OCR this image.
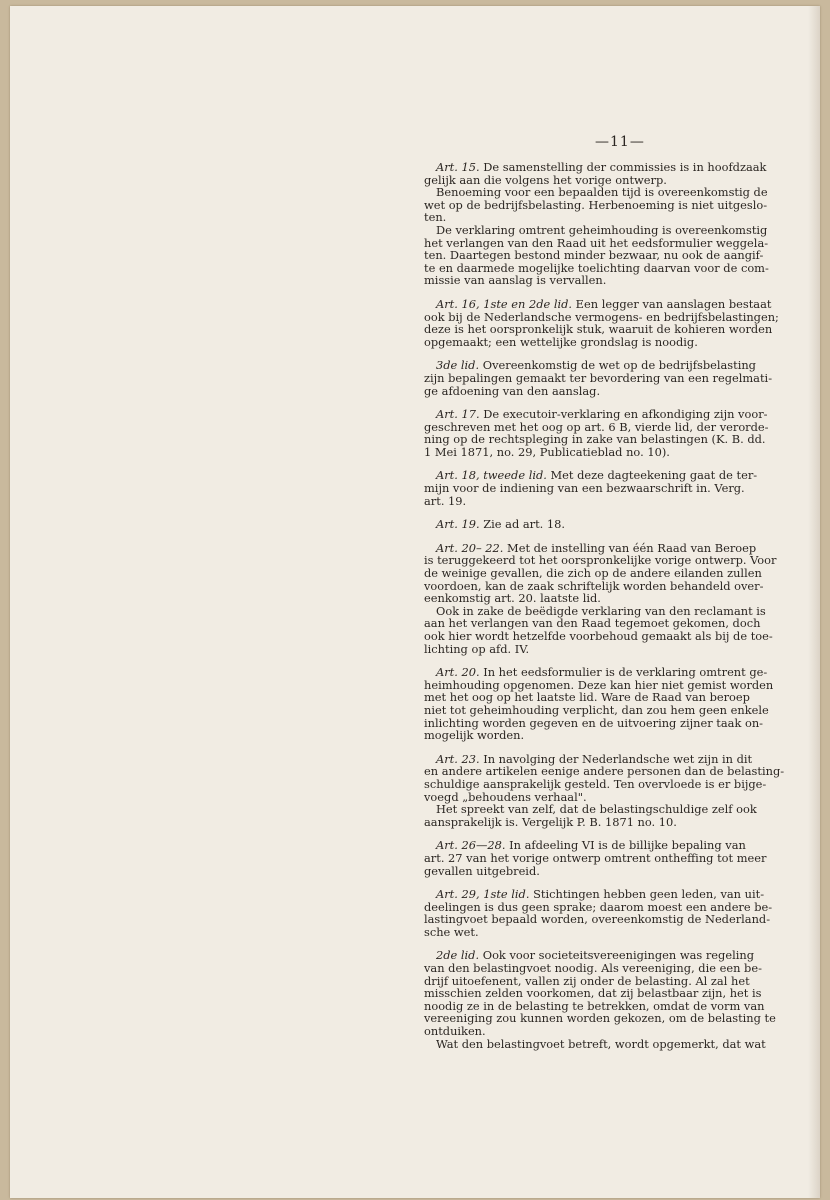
—11—
Art. 15. De samenstelling der commissies is in hoofdzaak
gelijk aan die volgens het vorige ontwerp.
Benoeming voor een bepaalden tijd is overeenkomstig de
wet op de bedrijfsbelasting. Herbenoeming is niet uitgeslo-
ten.
De verklaring omtrent geheimhouding is overeenkomstig
het verlangen van den Raad uit het eedsformulier weggela-
ten. Daartegen bestond minder bezwaar, nu ook de aangif-
te en daarmede mogelijke toelichting daarvan voor de com-
missie van aanslag is vervallen.
Art. 16, 1ste en 2de lid. Een legger van aanslagen bestaat
ook bij de Nederlandsche vermogens- en bedrijfsbelastingen;
deze is het oorspronkelijk stuk, waaruit de kohieren worden
opgemaakt; een wettelijke grondslag is noodig.
3de lid. Overeenkomstig de wet op de bedrijfsbelasting
zijn bepalingen gemaakt ter bevordering van een regelmati-
ge afdoening van den aanslag.
Art. 17. De executoir-verklaring en afkondiging zijn voor-
geschreven met het oog op art. 6 B, vierde lid, der verorde-
ning op de rechtspleging in zake van belastingen (K. B. dd.
1 Mei 1871, no. 29, Publicatieblad no. 10).
Art. 18, tweede lid. Met deze dagteekening gaat de ter-
mijn voor de indiening van een bezwaarschrift in. Verg.
art. 19.
Art. 19. Zie ad art. 18.
Art. 20– 22. Met de instelling van één Raad van Beroep
is teruggekeerd tot het oorspronkelijke vorige ontwerp. Voor
de weinige gevallen, die zich op de andere eilanden zullen
voordoen, kan de zaak schriftelijk worden behandeld over-
eenkomstig art. 20. laatste lid.
Ook in zake de beëdigde verklaring van den reclamant is
aan het verlangen van den Raad tegemoet gekomen, doch
ook hier wordt hetzelfde voorbehoud gemaakt als bij de toe-
lichting op afd. IV.
Art. 20. In het eedsformulier is de verklaring omtrent ge-
heimhouding opgenomen. Deze kan hier niet gemist worden
met het oog op het laatste lid. Ware de Raad van beroep
niet tot geheimhouding verplicht, dan zou hem geen enkele
inlichting worden gegeven en de uitvoering zijner taak on-
mogelijk worden.
Art. 23. In navolging der Nederlandsche wet zijn in dit
en andere artikelen eenige andere personen dan de belasting-
schuldige aansprakelijk gesteld. Ten overvloede is er bijge-
voegd „behoudens verhaal".
Het spreekt van zelf, dat de belastingschuldige zelf ook
aansprakelijk is. Vergelijk P. B. 1871 no. 10.
Art. 26—28. In afdeeling VI is de billijke bepaling van
art. 27 van het vorige ontwerp omtrent ontheffing tot meer
gevallen uitgebreid.
Art. 29, 1ste lid. Stichtingen hebben geen leden, van uit-
deelingen is dus geen sprake; daarom moest een andere be-
lastingvoet bepaald worden, overeenkomstig de Nederland-
sche wet.
2de lid. Ook voor societeitsvereenigingen was regeling
van den belastingvoet noodig. Als vereeniging, die een be-
drijf uitoefenent, vallen zij onder de belasting. Al zal het
misschien zelden voorkomen, dat zij belastbaar zijn, het is
noodig ze in de belasting te betrekken, omdat de vorm van
vereeniging zou kunnen worden gekozen, om de belasting te
ontduiken.
Wat den belastingvoet betreft, wordt opgemerkt, dat wat
